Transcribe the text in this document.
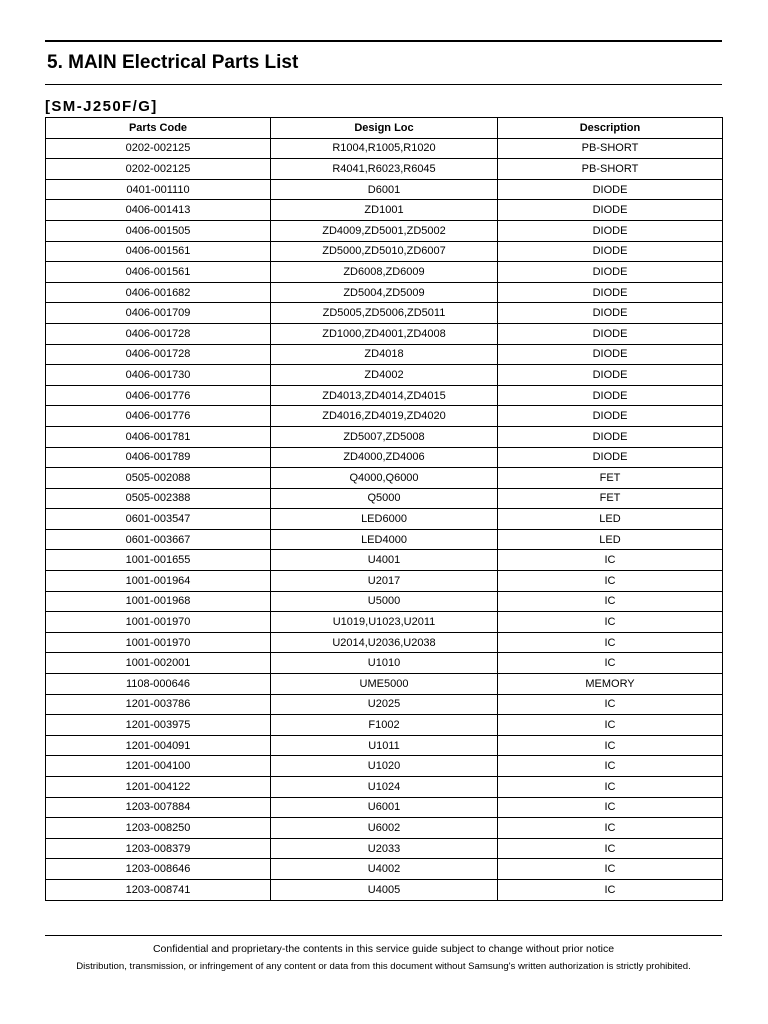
5. MAIN Electrical Parts List
[SM-J250F/G]
Parts Code	Design Loc	Description
0202-002125	R1004,R1005,R1020	PB-SHORT
0202-002125	R4041,R6023,R6045	PB-SHORT
0401-001110	D6001	DIODE
0406-001413	ZD1001	DIODE
0406-001505	ZD4009,ZD5001,ZD5002	DIODE
0406-001561	ZD5000,ZD5010,ZD6007	DIODE
0406-001561	ZD6008,ZD6009	DIODE
0406-001682	ZD5004,ZD5009	DIODE
0406-001709	ZD5005,ZD5006,ZD5011	DIODE
0406-001728	ZD1000,ZD4001,ZD4008	DIODE
0406-001728	ZD4018	DIODE
0406-001730	ZD4002	DIODE
0406-001776	ZD4013,ZD4014,ZD4015	DIODE
0406-001776	ZD4016,ZD4019,ZD4020	DIODE
0406-001781	ZD5007,ZD5008	DIODE
0406-001789	ZD4000,ZD4006	DIODE
0505-002088	Q4000,Q6000	FET
0505-002388	Q5000	FET
0601-003547	LED6000	LED
0601-003667	LED4000	LED
1001-001655	U4001	IC
1001-001964	U2017	IC
1001-001968	U5000	IC
1001-001970	U1019,U1023,U2011	IC
1001-001970	U2014,U2036,U2038	IC
1001-002001	U1010	IC
1108-000646	UME5000	MEMORY
1201-003786	U2025	IC
1201-003975	F1002	IC
1201-004091	U1011	IC
1201-004100	U1020	IC
1201-004122	U1024	IC
1203-007884	U6001	IC
1203-008250	U6002	IC
1203-008379	U2033	IC
1203-008646	U4002	IC
1203-008741	U4005	IC
Confidential and proprietary-the contents in this service guide subject to change without prior notice
Distribution, transmission, or infringement of any content or data from this document without Samsung's written authorization is strictly prohibited.
